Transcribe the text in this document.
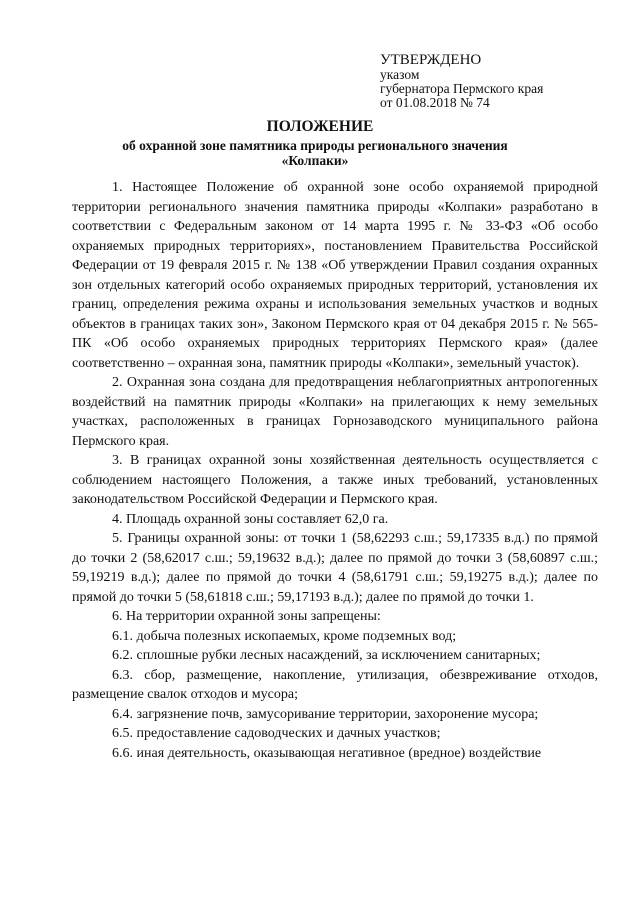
УТВЕРЖДЕНО
указом
губернатора Пермского края
от 01.08.2018 № 74
ПОЛОЖЕНИЕ
об охранной зоне памятника природы регионального значения «Колпаки»

1. Настоящее Положение об охранной зоне особо охраняемой природной территории регионального значения памятника природы «Колпаки» разработано в соответствии с Федеральным законом от 14 марта 1995 г. № 33-ФЗ «Об особо охраняемых природных территориях», постановлением Правительства Российской Федерации от 19 февраля 2015 г. № 138 «Об утверждении Правил создания охранных зон отдельных категорий особо охраняемых природных территорий, установления их границ, определения режима охраны и использования земельных участков и водных объектов в границах таких зон», Законом Пермского края от 04 декабря 2015 г. № 565-ПК «Об особо охраняемых природных территориях Пермского края» (далее соответственно – охранная зона, памятник природы «Колпаки», земельный участок).

2. Охранная зона создана для предотвращения неблагоприятных антропогенных воздействий на памятник природы «Колпаки» на прилегающих к нему земельных участках, расположенных в границах Горнозаводского муниципального района Пермского края.

3. В границах охранной зоны хозяйственная деятельность осуществляется с соблюдением настоящего Положения, а также иных требований, установленных законодательством Российской Федерации и Пермского края.

4. Площадь охранной зоны составляет 62,0 га.

5. Границы охранной зоны: от точки 1 (58,62293 с.ш.; 59,17335 в.д.) по прямой до точки 2 (58,62017 с.ш.; 59,19632 в.д.); далее по прямой до точки 3 (58,60897 с.ш.; 59,19219 в.д.); далее по прямой до точки 4 (58,61791 с.ш.; 59,19275 в.д.); далее по прямой до точки 5 (58,61818 с.ш.; 59,17193 в.д.); далее по прямой до точки 1.

6. На территории охранной зоны запрещены:

6.1. добыча полезных ископаемых, кроме подземных вод;

6.2. сплошные рубки лесных насаждений, за исключением санитарных;

6.3. сбор, размещение, накопление, утилизация, обезвреживание отходов, размещение свалок отходов и мусора;

6.4. загрязнение почв, замусоривание территории, захоронение мусора;

6.5. предоставление садоводческих и дачных участков;

6.6. иная деятельность, оказывающая негативное (вредное) воздействие
